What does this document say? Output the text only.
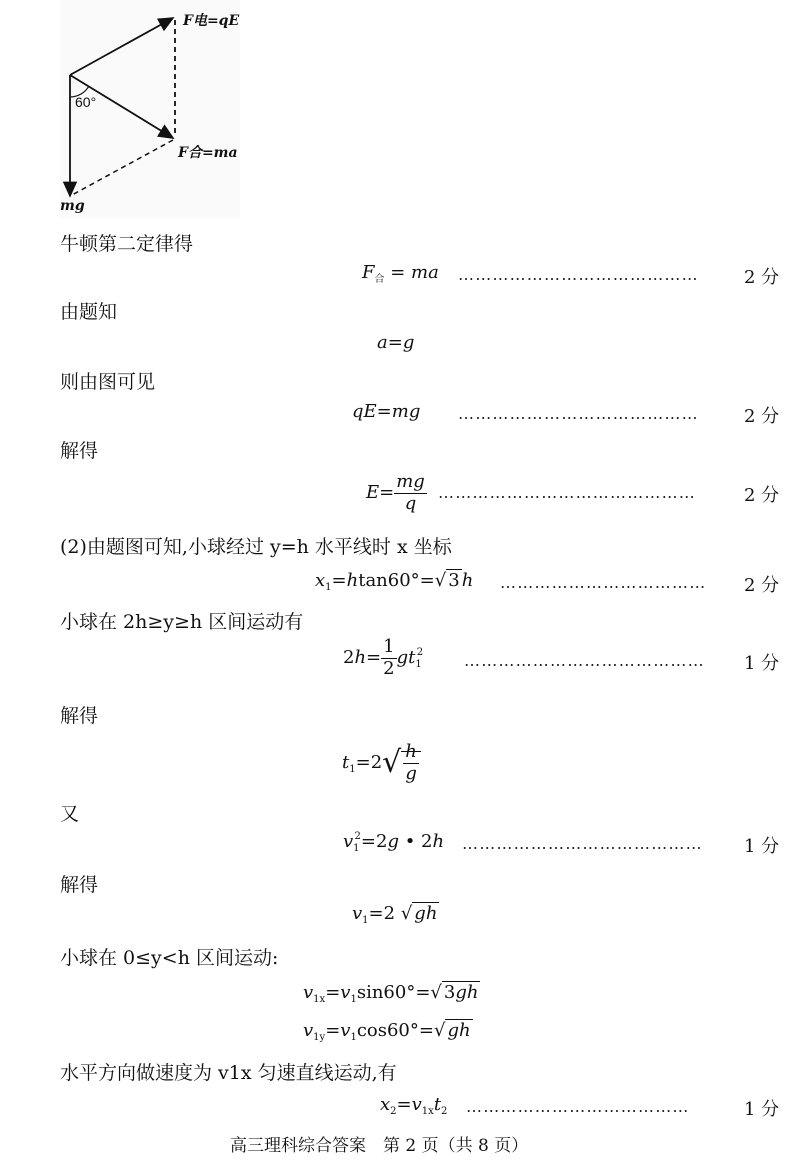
60°
F电=qE
F合=ma
mg
牛顿第二定律得
由题知
则由图可见
解得
(2)由题图可知,小球经过 y=h 水平线时 x 坐标
小球在 2h≥y≥h 区间运动有
解得
又
解得
小球在 0≤y<h 区间运动:
水平方向做速度为 v1x 匀速直线运动,有
$F_合$ = ma
a=g
qE=mg
$E= \frac{mg}{q}$
$x_1=htan60^\circ=√$ 3 h
$2h= \frac{1}{2} gt_1^2$
$t_1=2√ \frac{h}{g}$
$v_1^2=2g$ • 2h
$v_1=2$ √ gh
$v_{1x}=v_1\sin 60^\circ=√$ 3gh
$v_{1y}=v_1\cos 60^\circ=√$ gh
$x_2=v_{1x}t_2$
……………………………………
……………………………………
………………………………………
………………………………
……………………………………
……………………………………
…………………………………
2 分
2 分
2 分
2 分
1 分
1 分
1 分
高三理科综合答案　第 2 页（共 8 页）
